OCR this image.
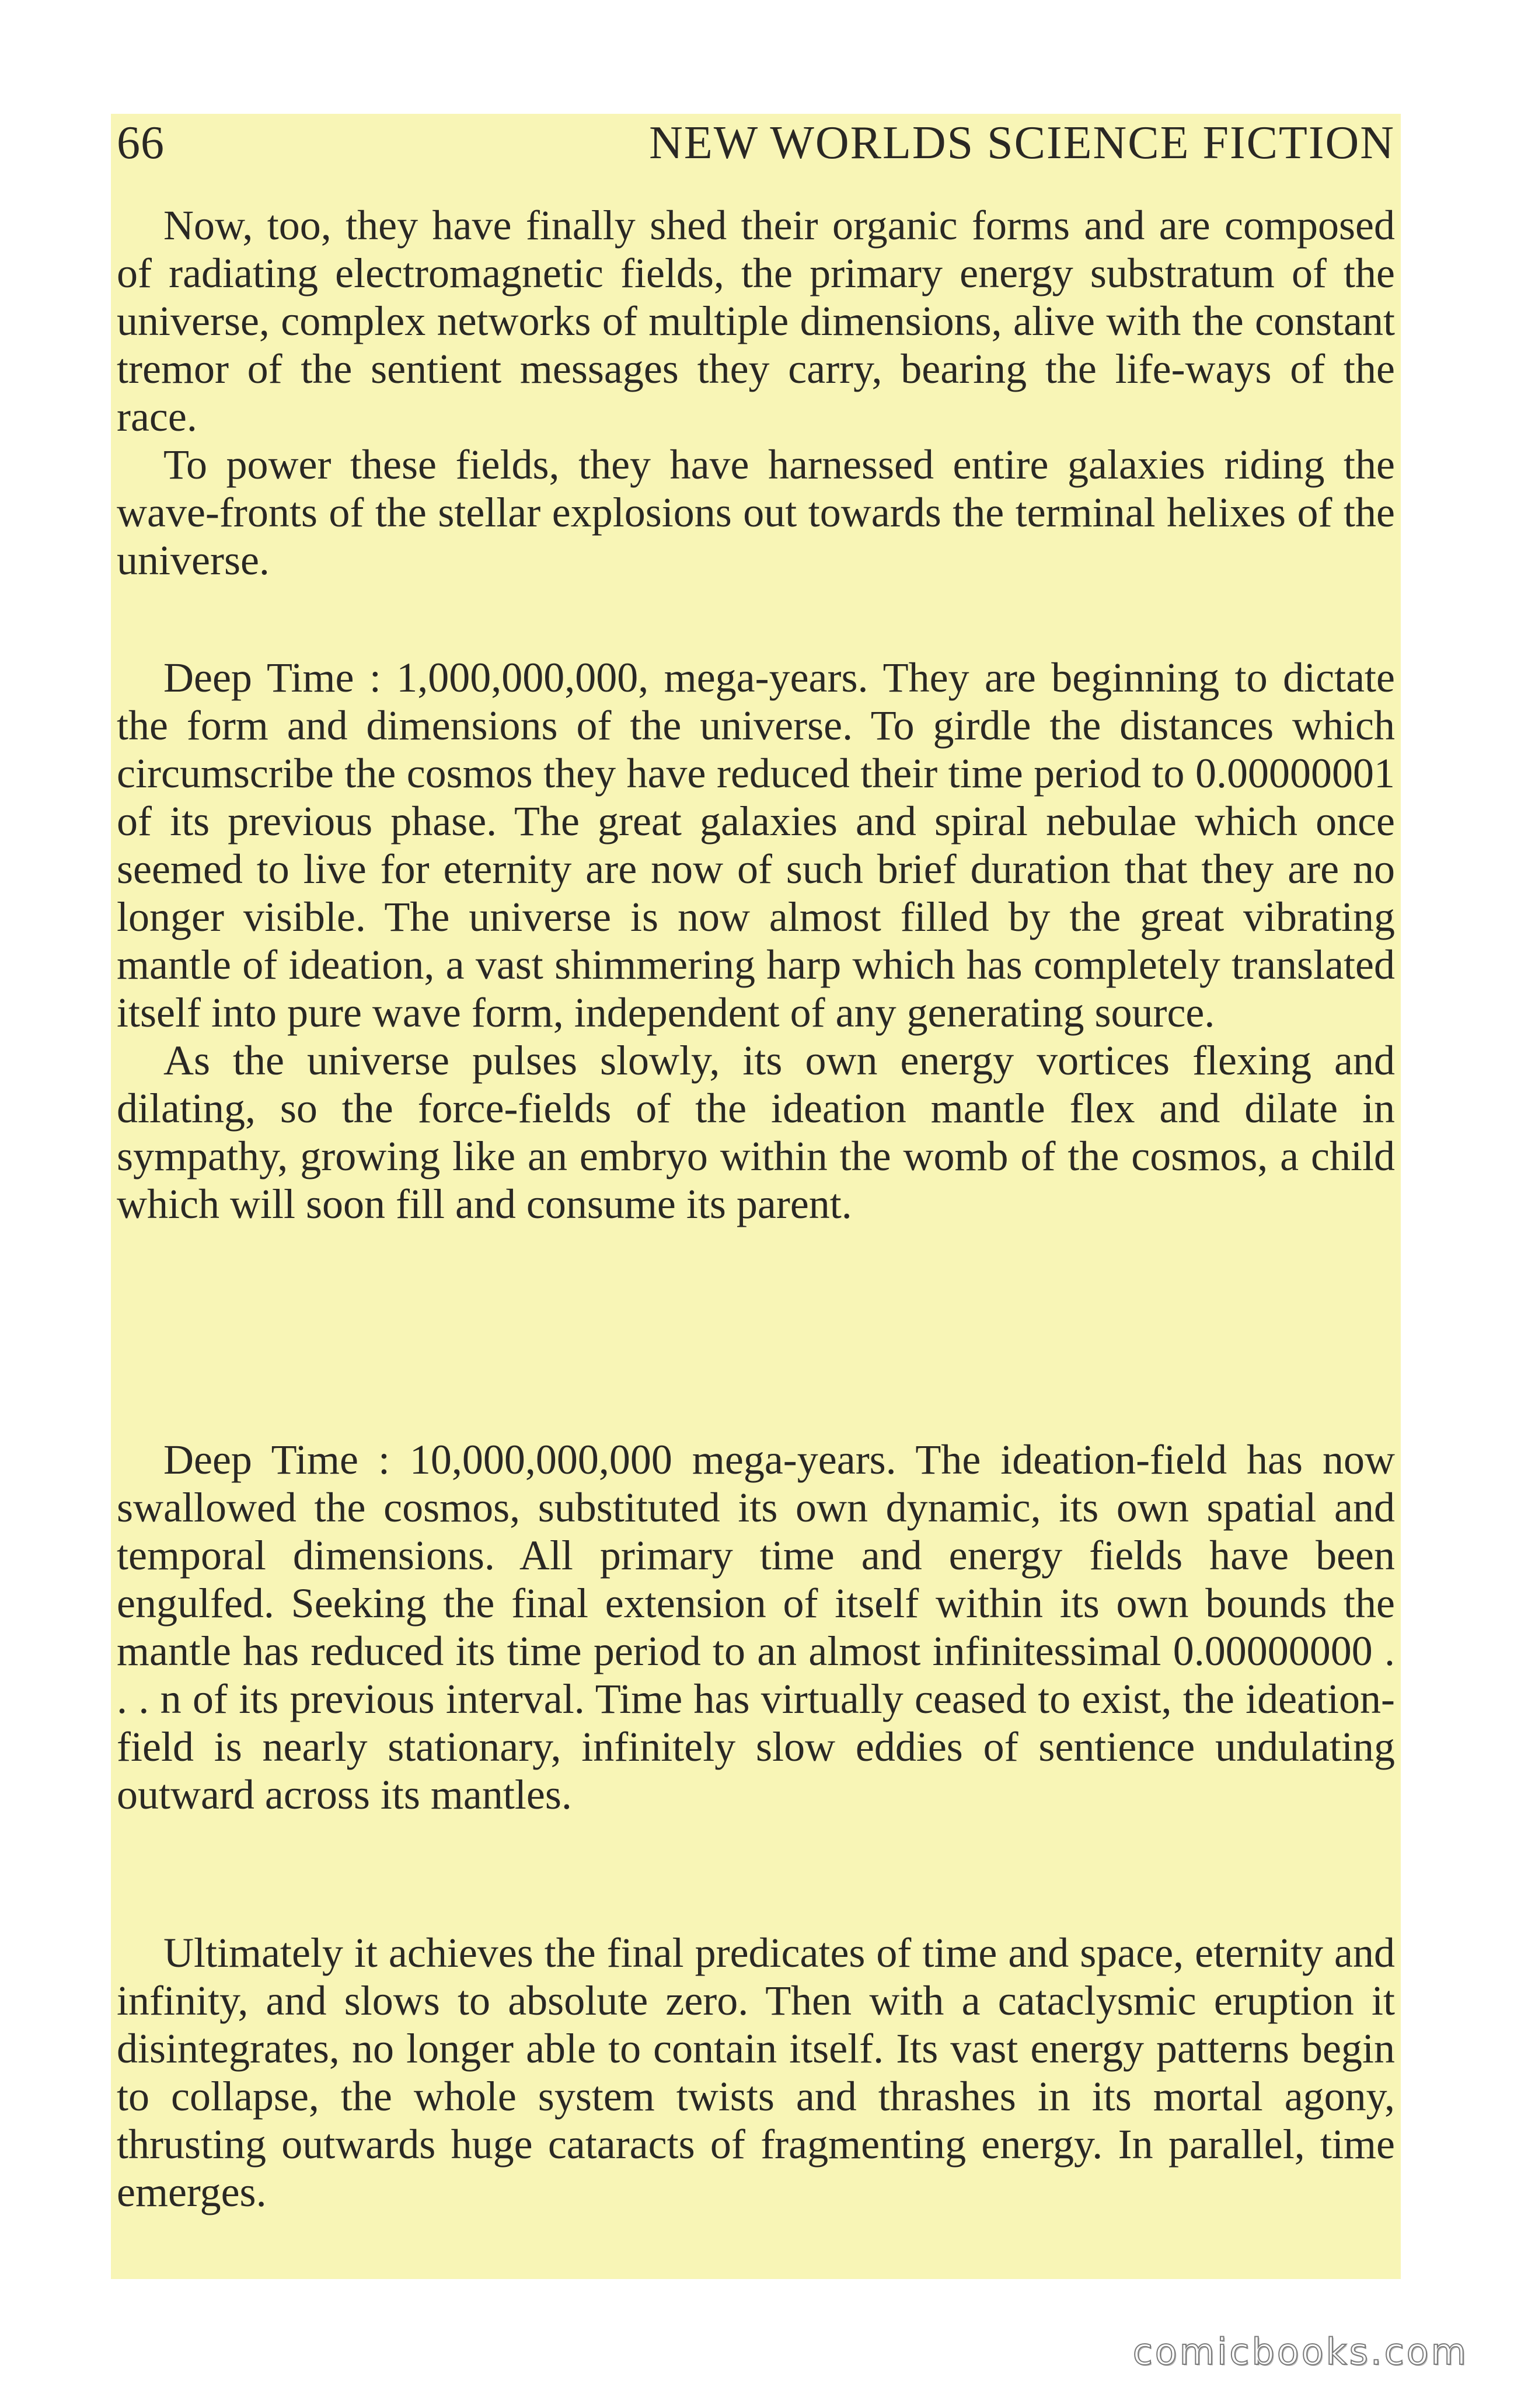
66	NEW WORLDS SCIENCE FICTION

Now, too, they have finally shed their organic forms and are composed of radiating electromagnetic fields, the primary energy substratum of the universe, complex networks of multiple dimensions, alive with the constant tremor of the sentient messages they carry, bearing the life-ways of the race.

To power these fields, they have harnessed entire galaxies riding the wave-fronts of the stellar explosions out towards the terminal helixes of the universe.

Deep Time : 1,000,000,000, mega-years. They are beginning to dictate the form and dimensions of the universe. To girdle the distances which circumscribe the cosmos they have reduced their time period to 0.00000001 of its previous phase. The great galaxies and spiral nebulae which once seemed to live for eternity are now of such brief duration that they are no longer visible. The universe is now almost filled by the great vibrating mantle of ideation, a vast shimmering harp which has completely translated itself into pure wave form, independent of any generating source.

As the universe pulses slowly, its own energy vortices flexing and dilating, so the force-fields of the ideation mantle flex and dilate in sympathy, growing like an embryo within the womb of the cosmos, a child which will soon fill and consume its parent.

Deep Time : 10,000,000,000 mega-years. The ideation-field has now swallowed the cosmos, substituted its own dynamic, its own spatial and temporal dimensions. All primary time and energy fields have been engulfed. Seeking the final extension of itself within its own bounds the mantle has reduced its time period to an almost infinitessimal 0.00000000 . . . n of its previous interval. Time has virtually ceased to exist, the ideation-field is nearly stationary, infinitely slow eddies of sentience undulating outward across its mantles.

Ultimately it achieves the final predicates of time and space, eternity and infinity, and slows to absolute zero. Then with a cataclysmic eruption it disintegrates, no longer able to contain itself. Its vast energy patterns begin to collapse, the whole system twists and thrashes in its mortal agony, thrusting outwards huge cataracts of fragmenting energy. In parallel, time emerges.

comicbooks.com
